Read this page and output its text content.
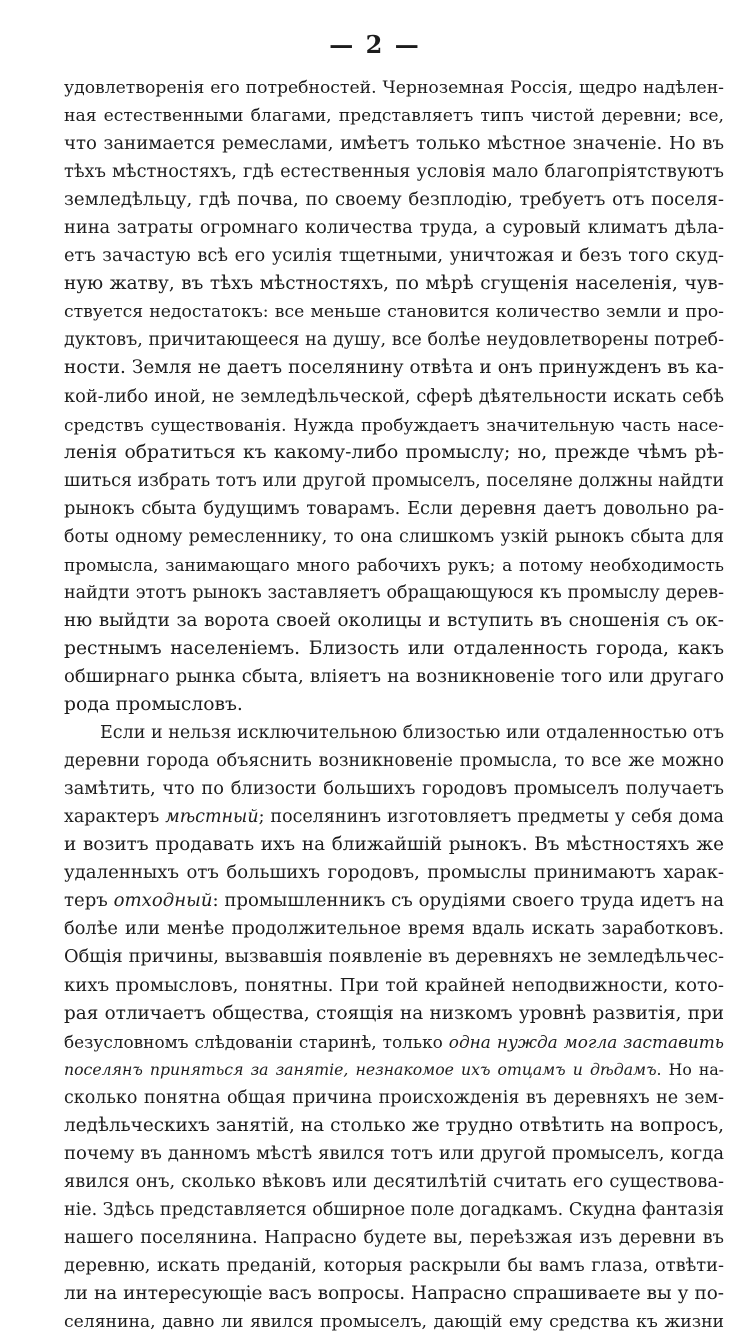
— 2 —
удовлетворенія его потребностей. Черноземная Россія, щедро надѣлен-
ная естественными благами, представляетъ типъ чистой деревни; все,
что занимается ремеслами, имѣетъ только мѣстное значеніе. Но въ
тѣхъ мѣстностяхъ, гдѣ естественныя условія мало благопріятствуютъ
земледѣльцу, гдѣ почва, по своему безплодію, требуетъ отъ поселя-
нина затраты огромнаго количества труда, а суровый климатъ дѣла-
етъ зачастую всѣ его усилія тщетными, уничтожая и безъ того скуд-
ную жатву, въ тѣхъ мѣстностяхъ, по мѣрѣ сгущенія населенія, чув-
ствуется недостатокъ: все меньше становится количество земли и про-
дуктовъ, причитающееся на душу, все болѣе неудовлетворены потреб-
ности. Земля не даетъ поселянину отвѣта и онъ принужденъ въ ка-
кой-либо иной, не земледѣльческой, сферѣ дѣятельности искать себѣ
средствъ существованія. Нужда пробуждаетъ значительную часть насе-
ленія обратиться къ какому-либо промыслу; но, прежде чѣмъ рѣ-
шиться избрать тотъ или другой промыселъ, поселяне должны найдти
рынокъ сбыта будущимъ товарамъ. Если деревня даетъ довольно ра-
боты одному ремесленнику, то она слишкомъ узкій рынокъ сбыта для
промысла, занимающаго много рабочихъ рукъ; а потому необходимость
найдти этотъ рынокъ заставляетъ обращающуюся къ промыслу дерев-
ню выйдти за ворота своей околицы и вступить въ сношенія съ ок-
рестнымъ населеніемъ. Близость или отдаленность города, какъ
обширнаго рынка сбыта, вліяетъ на возникновеніе того или другаго
рода промысловъ.
Если и нельзя исключительною близостью или отдаленностью отъ
деревни города объяснить возникновеніе промысла, то все же можно
замѣтить, что по близости большихъ городовъ промыселъ получаетъ
характеръ мѣстный; поселянинъ изготовляетъ предметы у себя дома
и возитъ продавать ихъ на ближайшій рынокъ. Въ мѣстностяхъ же
удаленныхъ отъ большихъ городовъ, промыслы принимаютъ харак-
теръ отходный: промышленникъ съ орудіями своего труда идетъ на
болѣе или менѣе продолжительное время вдаль искать заработковъ.
Общія причины, вызвавшія появленіе въ деревняхъ не земледѣльчес-
кихъ промысловъ, понятны. При той крайней неподвижности, кото-
рая отличаетъ общества, стоящія на низкомъ уровнѣ развитія, при
безусловномъ слѣдованіи старинѣ, только одна нужда могла заставить
поселянъ приняться за занятіе, незнакомое ихъ отцамъ и дѣдамъ. Но на-
сколько понятна общая причина происхожденія въ деревняхъ не зем-
ледѣльческихъ занятій, на столько же трудно отвѣтить на вопросъ,
почему въ данномъ мѣстѣ явился тотъ или другой промыселъ, когда
явился онъ, сколько вѣковъ или десятилѣтій считать его существова-
ніе. Здѣсь представляется обширное поле догадкамъ. Скудна фантазія
нашего поселянина. Напрасно будете вы, переѣзжая изъ деревни въ
деревню, искать преданій, которыя раскрыли бы вамъ глаза, отвѣти-
ли на интересующіе васъ вопросы. Напрасно спрашиваете вы у по-
селянина, давно ли явился промыселъ, дающій ему средства къ жизни
